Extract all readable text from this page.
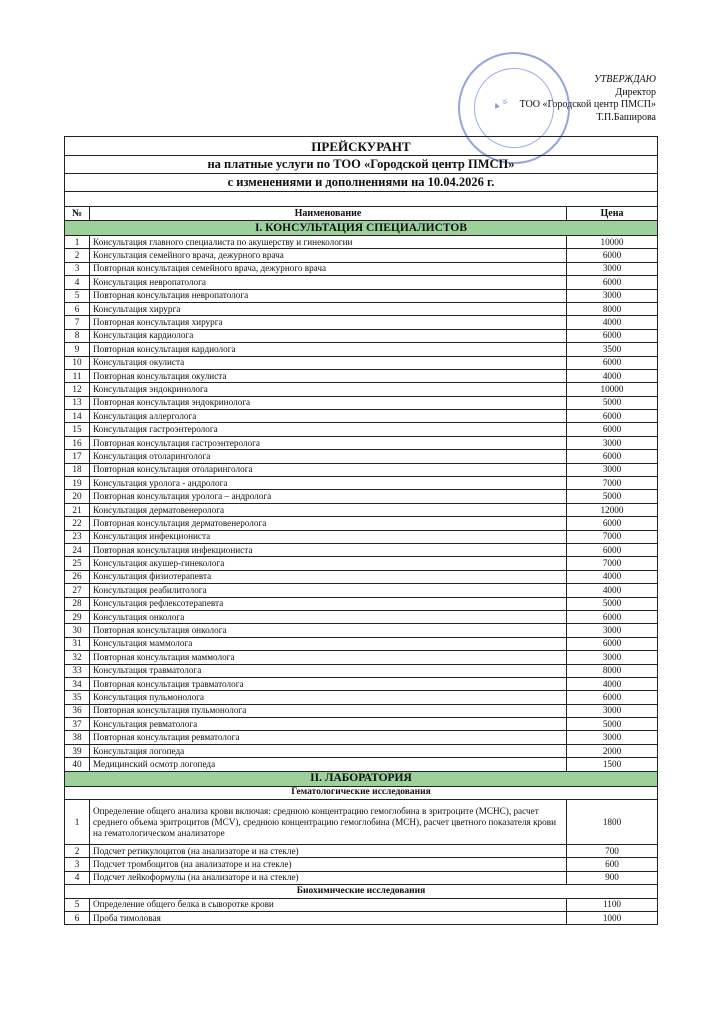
УТВЕРЖДАЮ
Директор
ТОО «Городской центр ПМСП»
Т.П.Баширова
▲ ≡
ПРЕЙСКУРАНТ		
на платные услуги по ТОО «Городской центр ПМСП»		
с изменениями и дополнениями на 10.04.2026 г.		

№	Наименование	Цена
I. КОНСУЛЬТАЦИЯ СПЕЦИАЛИСТОВ		
1	Консультация главного специалиста по акушерству и гинекологии	10000
2	Консультация семейного врача, дежурного врача	6000
3	Повторная консультация семейного врача, дежурного врача	3000
4	Консультация невропатолога	6000
5	Повторная консультация невропатолога	3000
6	Консультация хирурга	8000
7	Повторная консультация хирурга	4000
8	Консультация кардиолога	6000
9	Повторная консультация кардиолога	3500
10	Консультация окулиста	6000
11	Повторная консультация окулиста	4000
12	Консультация эндокринолога	10000
13	Повторная консультация эндокринолога	5000
14	Консультация аллерголога	6000
15	Консультация гастроэнтеролога	6000
16	Повторная консультация гастроэнтеролога	3000
17	Консультация отоларинголога	6000
18	Повторная консультация отоларинголога	3000
19	Консультация уролога - андролога	7000
20	Повторная консультация уролога – андролога	5000
21	Консультация дерматовенеролога	12000
22	Повторная консультация дерматовенеролога	6000
23	Консультация инфекциониста	7000
24	Повторная консультация инфекциониста	6000
25	Консультация акушер-гинеколога	7000
26	Консультация физиотерапевта	4000
27	Консультация реабилитолога	4000
28	Консультация рефлексотерапевта	5000
29	Консультация онколога	6000
30	Повторная консультация онколога	3000
31	Консультация маммолога	6000
32	Повторная консультация маммолога	3000
33	Консультация травматолога	8000
34	Повторная консультация травматолога	4000
35	Консультация пульмонолога	6000
36	Повторная консультация пульмонолога	3000
37	Консультация ревматолога	5000
38	Повторная консультация ревматолога	3000
39	Консультация логопеда	2000
40	Медицинский осмотр логопеда	1500
II. ЛАБОРАТОРИЯ		
Гематологические исследования		
1	Определение общего анализа крови включая: среднюю концентрацию гемоглобина в эритроците (МСНС), расчет среднего объема эритроцитов (MCV), среднюю концентрацию гемоглобина (МСН), расчет цветного показателя крови на гематологическом анализаторе	1800
2	Подсчет ретикулоцитов (на анализаторе и на стекле)	700
3	Подсчет тромбоцитов (на анализаторе и на стекле)	600
4	Подсчет лейкоформулы (на анализаторе и на стекле)	900
Биохимические исследования		
5	Определение общего белка в сыворотке крови	1100
6	Проба тимоловая	1000
